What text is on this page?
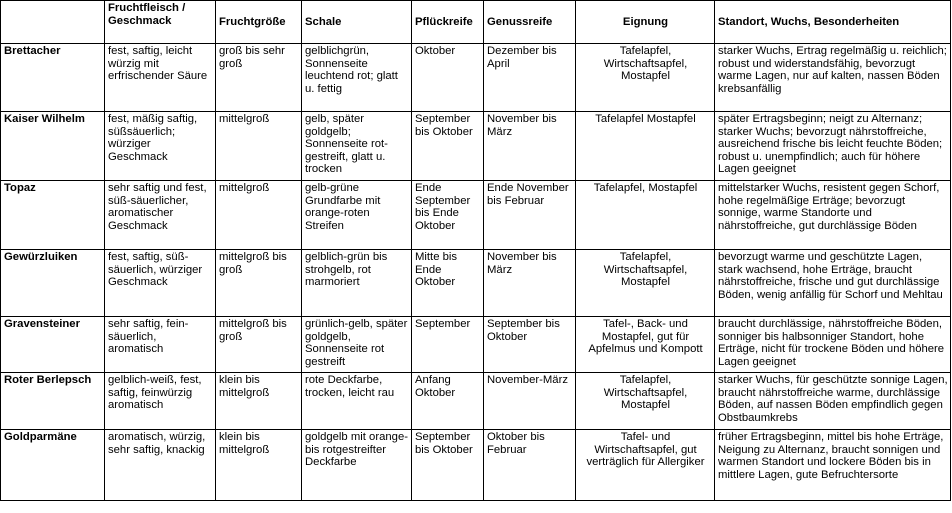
	Fruchtfleisch / Geschmack	Fruchtgröße	Schale	Pflückreife	Genussreife	Eignung	Standort, Wuchs, Besonderheiten
Brettacher	fest, saftig, leicht würzig mit erfrischender Säure	groß bis sehr groß	gelblichgrün, Sonnenseite leuchtend rot; glatt u. fettig	Oktober	Dezember bis April	Tafelapfel, Wirtschaftsapfel, Mostapfel	starker Wuchs, Ertrag regelmäßig u. reichlich; robust und widerstandsfähig, bevorzugt warme Lagen, nur auf kalten, nassen Böden krebsanfällig
Kaiser Wilhelm	fest, mäßig saftig, süßsäuerlich; würziger Geschmack	mittelgroß	gelb, später goldgelb; Sonnenseite rot-gestreift, glatt u. trocken	September bis Oktober	November bis März	Tafelapfel Mostapfel	später Ertragsbeginn; neigt zu Alternanz; starker Wuchs; bevorzugt nährstoffreiche, ausreichend frische bis leicht feuchte Böden; robust u. unempfindlich; auch für höhere Lagen geeignet
Topaz	sehr saftig und fest, süß-säuerlicher, aromatischer Geschmack	mittelgroß	gelb-grüne Grundfarbe mit orange-roten Streifen	Ende September bis Ende Oktober	Ende November bis Februar	Tafelapfel, Mostapfel	mittelstarker Wuchs, resistent gegen Schorf, hohe regelmäßige Erträge; bevorzugt sonnige, warme Standorte und nährstoffreiche, gut durchlässige Böden
Gewürzluiken	fest, saftig, süß-säuerlich, würziger Geschmack	mittelgroß bis groß	gelblich-grün bis strohgelb, rot marmoriert	Mitte bis Ende Oktober	November bis März	Tafelapfel, Wirtschaftsapfel, Mostapfel	bevorzugt warme und geschützte Lagen, stark wachsend, hohe Erträge, braucht nährstoffreiche, frische und gut durchlässige Böden, wenig anfällig für Schorf und Mehltau
Gravensteiner	sehr saftig, fein-säuerlich, aromatisch	mittelgroß bis groß	grünlich-gelb, später goldgelb, Sonnenseite rot gestreift	September	September bis Oktober	Tafel-, Back- und Mostapfel, gut für Apfelmus und Kompott	braucht durchlässige, nährstoffreiche Böden, sonniger bis halbsonniger Standort, hohe Erträge, nicht für trockene Böden und höhere Lagen geeignet
Roter Berlepsch	gelblich-weiß, fest, saftig, feinwürzig aromatisch	klein bis mittelgroß	rote Deckfarbe, trocken, leicht rau	Anfang Oktober	November-März	Tafelapfel, Wirtschaftsapfel, Mostapfel	starker Wuchs, für geschützte sonnige Lagen, braucht nährstoffreiche warme, durchlässige Böden, auf nassen Böden empfindlich gegen Obstbaumkrebs
Goldparmäne	aromatisch, würzig, sehr saftig, knackig	klein bis mittelgroß	goldgelb mit orange- bis rotgestreifter Deckfarbe	September bis Oktober	Oktober bis Februar	Tafel- und Wirtschaftsapfel, gut verträglich für Allergiker	früher Ertragsbeginn, mittel bis hohe Erträge, Neigung zu Alternanz, braucht sonnigen und warmen Standort und lockere Böden bis in mittlere Lagen, gute Befruchtersorte
